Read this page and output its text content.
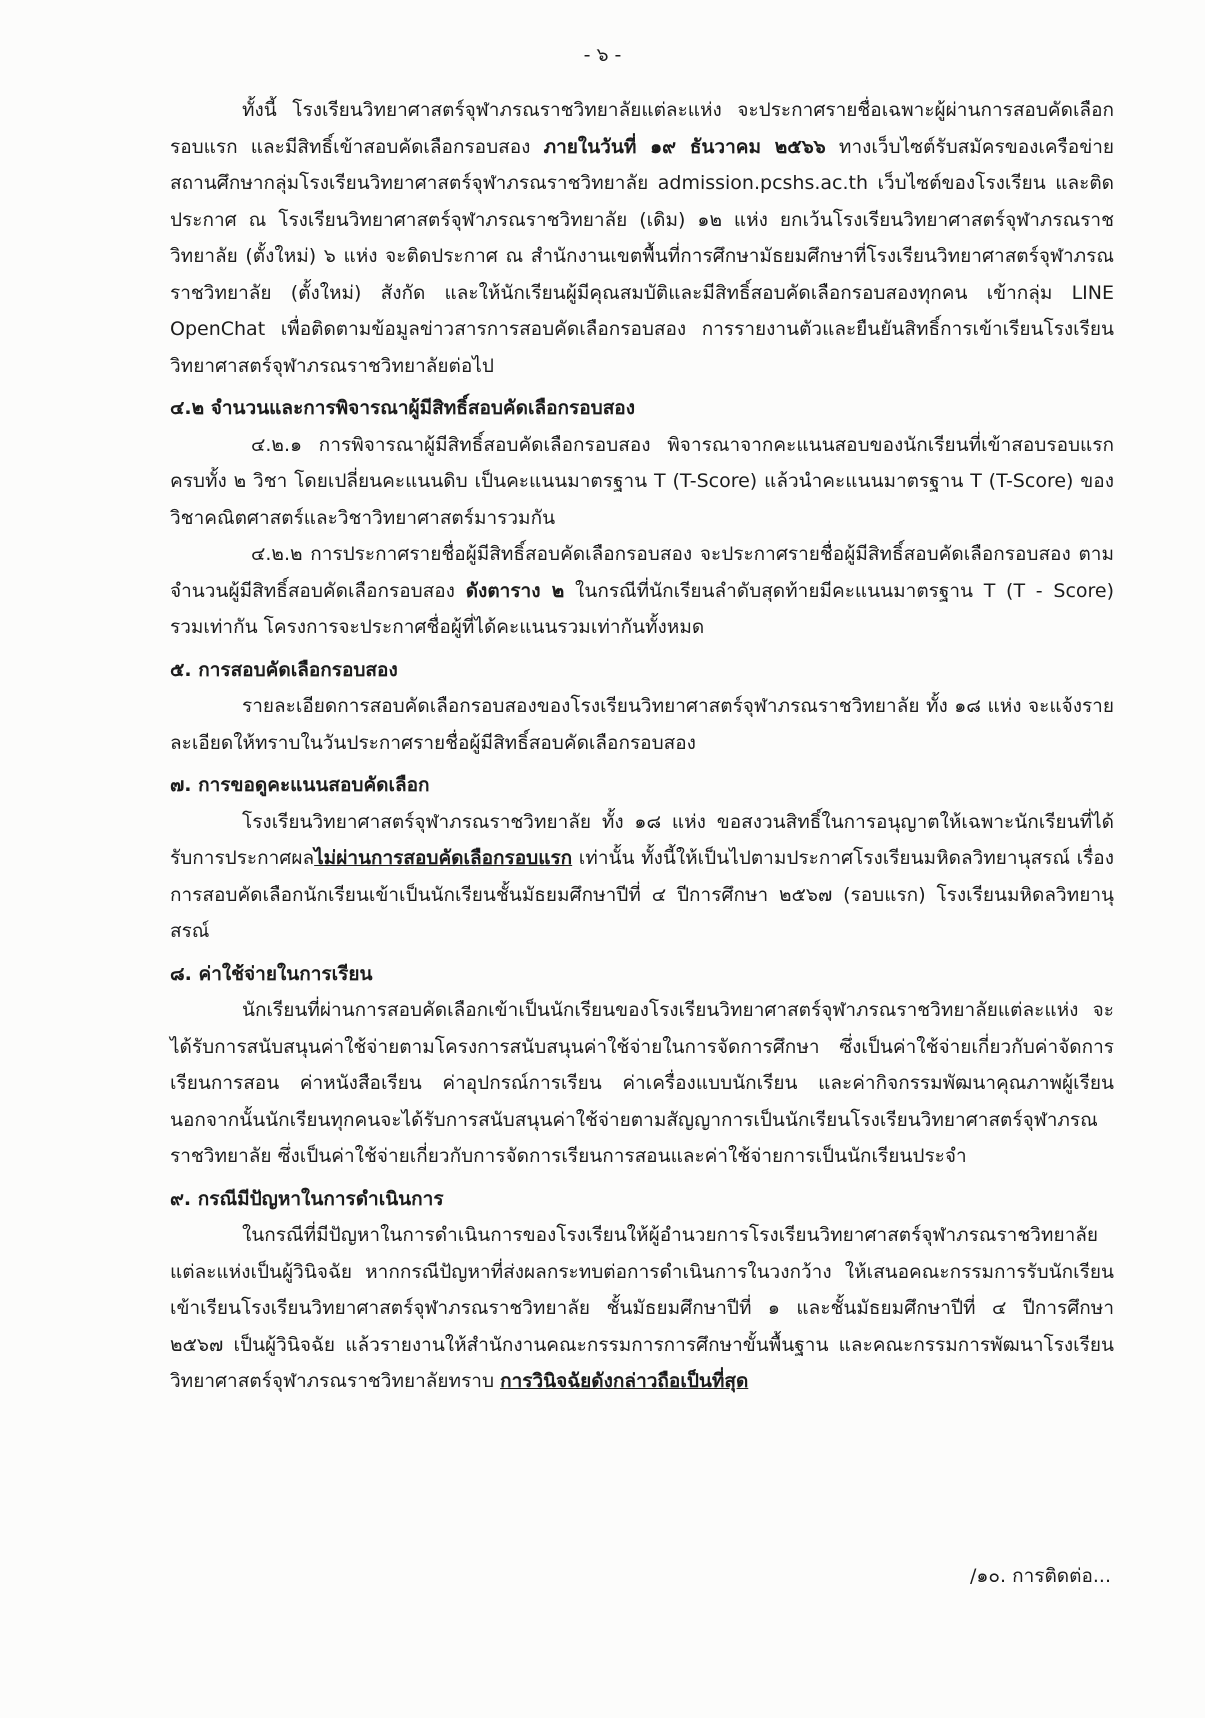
- ๖ -

ทั้งนี้ โรงเรียนวิทยาศาสตร์จุฬาภรณราชวิทยาลัยแต่ละแห่ง จะประกาศรายชื่อเฉพาะผู้ผ่านการสอบคัดเลือกรอบแรก และมีสิทธิ์เข้าสอบคัดเลือกรอบสอง ภายในวันที่ ๑๙ ธันวาคม ๒๕๖๖ ทางเว็บไซต์รับสมัครของเครือข่ายสถานศึกษากลุ่มโรงเรียนวิทยาศาสตร์จุฬาภรณราชวิทยาลัย admission.pcshs.ac.th เว็บไซต์ของโรงเรียน และติดประกาศ ณ โรงเรียนวิทยาศาสตร์จุฬาภรณราชวิทยาลัย (เดิม) ๑๒ แห่ง ยกเว้นโรงเรียนวิทยาศาสตร์จุฬาภรณราชวิทยาลัย (ตั้งใหม่) ๖ แห่ง จะติดประกาศ ณ สำนักงานเขตพื้นที่การศึกษามัธยมศึกษาที่โรงเรียนวิทยาศาสตร์จุฬาภรณราชวิทยาลัย (ตั้งใหม่) สังกัด และให้นักเรียนผู้มีคุณสมบัติและมีสิทธิ์สอบคัดเลือกรอบสองทุกคน เข้ากลุ่ม LINE OpenChat เพื่อติดตามข้อมูลข่าวสารการสอบคัดเลือกรอบสอง การรายงานตัวและยืนยันสิทธิ์การเข้าเรียนโรงเรียนวิทยาศาสตร์จุฬาภรณราชวิทยาลัยต่อไป

๔.๒ จำนวนและการพิจารณาผู้มีสิทธิ์สอบคัดเลือกรอบสอง

๔.๒.๑ การพิจารณาผู้มีสิทธิ์สอบคัดเลือกรอบสอง พิจารณาจากคะแนนสอบของนักเรียนที่เข้าสอบรอบแรกครบทั้ง ๒ วิชา โดยเปลี่ยนคะแนนดิบ เป็นคะแนนมาตรฐาน T (T-Score) แล้วนำคะแนนมาตรฐาน T (T-Score) ของวิชาคณิตศาสตร์และวิชาวิทยาศาสตร์มารวมกัน

๔.๒.๒ การประกาศรายชื่อผู้มีสิทธิ์สอบคัดเลือกรอบสอง จะประกาศรายชื่อผู้มีสิทธิ์สอบคัดเลือกรอบสอง ตามจำนวนผู้มีสิทธิ์สอบคัดเลือกรอบสอง ดังตาราง ๒ ในกรณีที่นักเรียนลำดับสุดท้ายมีคะแนนมาตรฐาน T (T - Score) รวมเท่ากัน โครงการจะประกาศชื่อผู้ที่ได้คะแนนรวมเท่ากันทั้งหมด

๕. การสอบคัดเลือกรอบสอง

รายละเอียดการสอบคัดเลือกรอบสองของโรงเรียนวิทยาศาสตร์จุฬาภรณราชวิทยาลัย ทั้ง ๑๘ แห่ง จะแจ้งรายละเอียดให้ทราบในวันประกาศรายชื่อผู้มีสิทธิ์สอบคัดเลือกรอบสอง

๗. การขอดูคะแนนสอบคัดเลือก

โรงเรียนวิทยาศาสตร์จุฬาภรณราชวิทยาลัย ทั้ง ๑๘ แห่ง ขอสงวนสิทธิ์ในการอนุญาตให้เฉพาะนักเรียนที่ได้รับการประกาศผลไม่ผ่านการสอบคัดเลือกรอบแรก เท่านั้น ทั้งนี้ให้เป็นไปตามประกาศโรงเรียนมหิดลวิทยานุสรณ์ เรื่อง การสอบคัดเลือกนักเรียนเข้าเป็นนักเรียนชั้นมัธยมศึกษาปีที่ ๔ ปีการศึกษา ๒๕๖๗ (รอบแรก) โรงเรียนมหิดลวิทยานุสรณ์

๘. ค่าใช้จ่ายในการเรียน

นักเรียนที่ผ่านการสอบคัดเลือกเข้าเป็นนักเรียนของโรงเรียนวิทยาศาสตร์จุฬาภรณราชวิทยาลัยแต่ละแห่ง จะได้รับการสนับสนุนค่าใช้จ่ายตามโครงการสนับสนุนค่าใช้จ่ายในการจัดการศึกษา ซึ่งเป็นค่าใช้จ่ายเกี่ยวกับค่าจัดการเรียนการสอน ค่าหนังสือเรียน ค่าอุปกรณ์การเรียน ค่าเครื่องแบบนักเรียน และค่ากิจกรรมพัฒนาคุณภาพผู้เรียน นอกจากนั้นนักเรียนทุกคนจะได้รับการสนับสนุนค่าใช้จ่ายตามสัญญาการเป็นนักเรียนโรงเรียนวิทยาศาสตร์จุฬาภรณราชวิทยาลัย ซึ่งเป็นค่าใช้จ่ายเกี่ยวกับการจัดการเรียนการสอนและค่าใช้จ่ายการเป็นนักเรียนประจำ

๙. กรณีมีปัญหาในการดำเนินการ

ในกรณีที่มีปัญหาในการดำเนินการของโรงเรียนให้ผู้อำนวยการโรงเรียนวิทยาศาสตร์จุฬาภรณราชวิทยาลัยแต่ละแห่งเป็นผู้วินิจฉัย หากกรณีปัญหาที่ส่งผลกระทบต่อการดำเนินการในวงกว้าง ให้เสนอคณะกรรมการรับนักเรียนเข้าเรียนโรงเรียนวิทยาศาสตร์จุฬาภรณราชวิทยาลัย ชั้นมัธยมศึกษาปีที่ ๑ และชั้นมัธยมศึกษาปีที่ ๔ ปีการศึกษา ๒๕๖๗ เป็นผู้วินิจฉัย แล้วรายงานให้สำนักงานคณะกรรมการการศึกษาขั้นพื้นฐาน และคณะกรรมการพัฒนาโรงเรียนวิทยาศาสตร์จุฬาภรณราชวิทยาลัยทราบ การวินิจฉัยดังกล่าวถือเป็นที่สุด

/๑๐. การติดต่อ...
